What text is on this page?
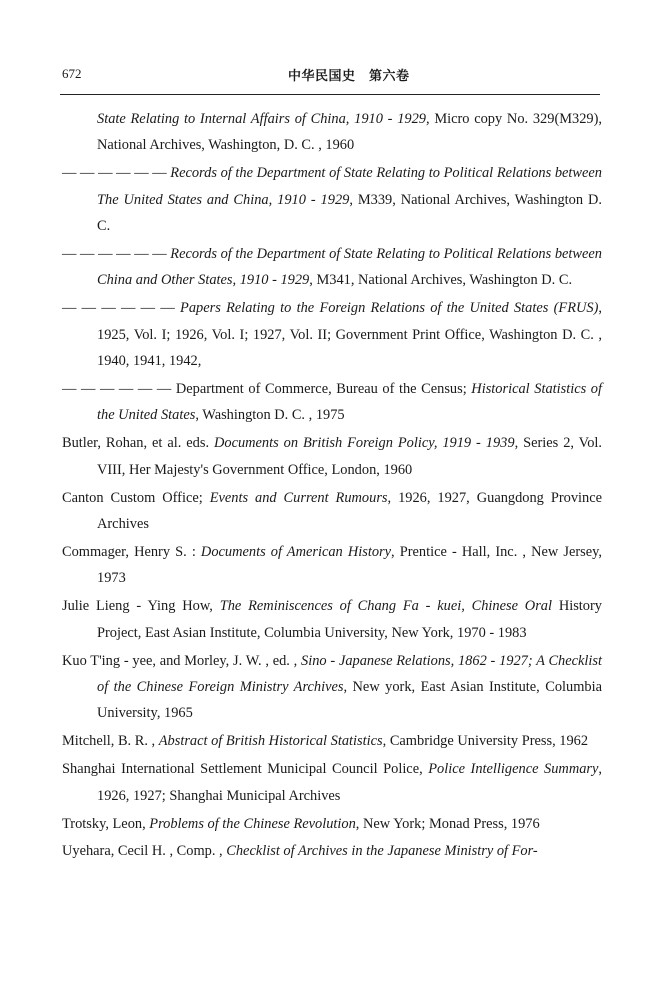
672	中华民国史　第六卷

State Relating to Internal Affairs of China, 1910 - 1929, Micro copy No. 329(M329), National Archives, Washington, D. C. , 1960

— — — — — — Records of the Department of State Relating to Political Relations between The United States and China, 1910 - 1929, M339, National Archives, Washington D. C.

— — — — — — Records of the Department of State Relating to Political Relations between China and Other States, 1910 - 1929, M341, National Archives, Washington D. C.

— — — — — — Papers Relating to the Foreign Relations of the United States (FRUS), 1925, Vol. I; 1926, Vol. I; 1927, Vol. II; Government Print Office, Washington D. C. , 1940, 1941, 1942,

— — — — — — Department of Commerce, Bureau of the Census; Historical Statistics of the United States, Washington D. C. , 1975

Butler, Rohan, et al. eds. Documents on British Foreign Policy, 1919 - 1939, Series 2, Vol. VIII, Her Majesty's Government Office, London, 1960

Canton Custom Office; Events and Current Rumours, 1926, 1927, Guangdong Province Archives

Commager, Henry S. : Documents of American History, Prentice - Hall, Inc. , New Jersey, 1973

Julie Lieng - Ying How, The Reminiscences of Chang Fa - kuei, Chinese Oral History Project, East Asian Institute, Columbia University, New York, 1970 - 1983

Kuo T'ing - yee, and Morley, J. W. , ed. , Sino - Japanese Relations, 1862 - 1927; A Checklist of the Chinese Foreign Ministry Archives, New york, East Asian Institute, Columbia University, 1965

Mitchell, B. R. , Abstract of British Historical Statistics, Cambridge University Press, 1962

Shanghai International Settlement Municipal Council Police, Police Intelligence Summary, 1926, 1927; Shanghai Municipal Archives

Trotsky, Leon, Problems of the Chinese Revolution, New York; Monad Press, 1976

Uyehara, Cecil H. , Comp. , Checklist of Archives in the Japanese Ministry of For-
